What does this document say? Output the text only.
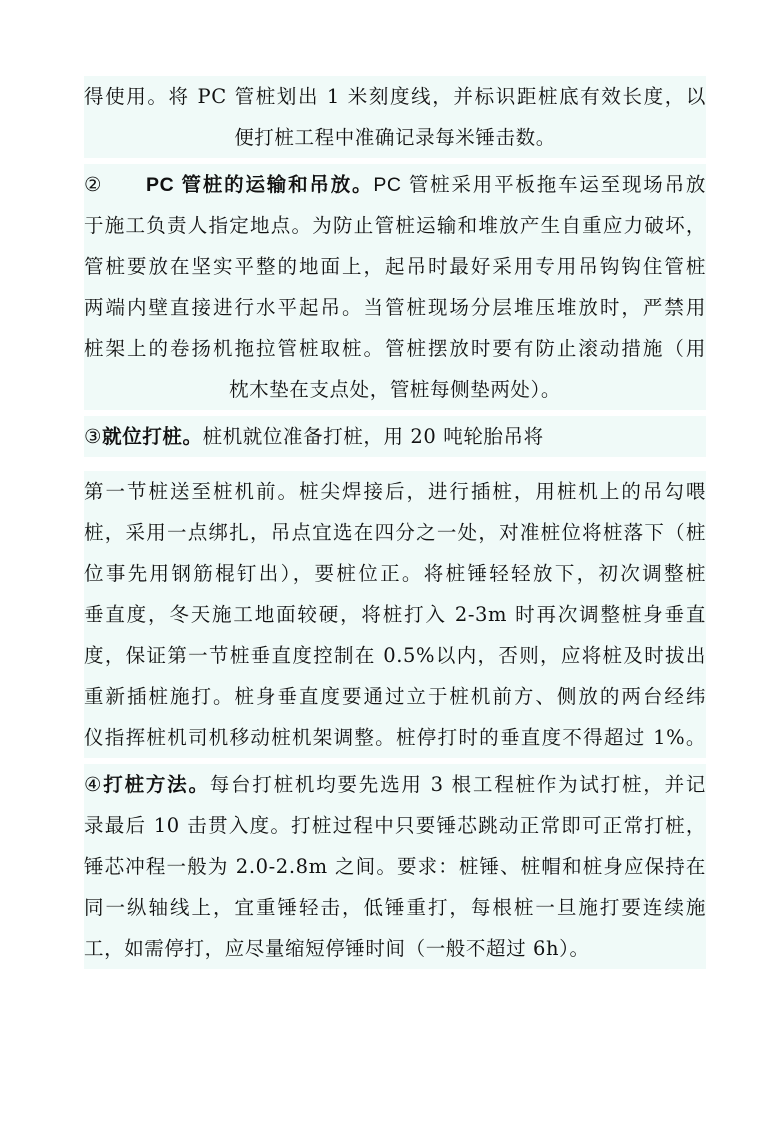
得使用。将 PC 管桩划出 1 米刻度线，并标识距桩底有效长度，以
便打桩工程中准确记录每米锤击数。
② PC 管桩的运输和吊放。PC 管桩采用平板拖车运至现场吊放
于施工负责人指定地点。为防止管桩运输和堆放产生自重应力破坏，
管桩要放在坚实平整的地面上，起吊时最好采用专用吊钩钩住管桩
两端内壁直接进行水平起吊。当管桩现场分层堆压堆放时，严禁用
桩架上的卷扬机拖拉管桩取桩。管桩摆放时要有防止滚动措施（用
枕木垫在支点处，管桩每侧垫两处）。
③就位打桩。桩机就位准备打桩，用 20 吨轮胎吊将
第一节桩送至桩机前。桩尖焊接后，进行插桩，用桩机上的吊勾喂
桩，采用一点绑扎，吊点宜选在四分之一处，对准桩位将桩落下（桩
位事先用钢筋棍钉出），要桩位正。将桩锤轻轻放下，初次调整桩
垂直度，冬天施工地面较硬，将桩打入 2-3m 时再次调整桩身垂直
度，保证第一节桩垂直度控制在 0.5%以内，否则，应将桩及时拔出
重新插桩施打。桩身垂直度要通过立于桩机前方、侧放的两台经纬
仪指挥桩机司机移动桩机架调整。桩停打时的垂直度不得超过 1%。
④打桩方法。每台打桩机均要先选用 3 根工程桩作为试打桩，并记
录最后 10 击贯入度。打桩过程中只要锤芯跳动正常即可正常打桩，
锤芯冲程一般为 2.0-2.8m 之间。要求：桩锤、桩帽和桩身应保持在
同一纵轴线上，宜重锤轻击，低锤重打，每根桩一旦施打要连续施
工，如需停打，应尽量缩短停锤时间（一般不超过 6h）。
